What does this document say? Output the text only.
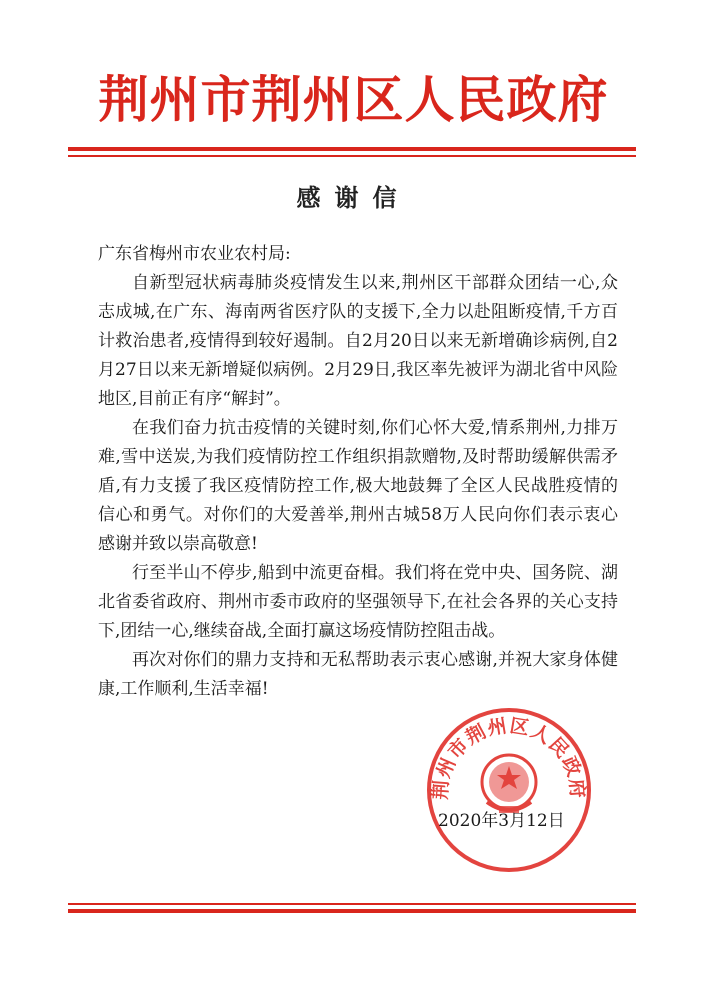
荆州市荆州区人民政府
感谢信

广东省梅州市农业农村局:

自新型冠状病毒肺炎疫情发生以来,荆州区干部群众团结一心,众志成城,在广东、海南两省医疗队的支援下,全力以赴阻断疫情,千方百计救治患者,疫情得到较好遏制。自2月20日以来无新增确诊病例,自2月27日以来无新增疑似病例。2月29日,我区率先被评为湖北省中风险地区,目前正有序“解封”。

在我们奋力抗击疫情的关键时刻,你们心怀大爱,情系荆州,力排万难,雪中送炭,为我们疫情防控工作组织捐款赠物,及时帮助缓解供需矛盾,有力支援了我区疫情防控工作,极大地鼓舞了全区人民战胜疫情的信心和勇气。对你们的大爱善举,荆州古城58万人民向你们表示衷心感谢并致以崇高敬意!

行至半山不停步,船到中流更奋楫。我们将在党中央、国务院、湖北省委省政府、荆州市委市政府的坚强领导下,在社会各界的关心支持下,团结一心,继续奋战,全面打赢这场疫情防控阻击战。

再次对你们的鼎力支持和无私帮助表示衷心感谢,并祝大家身体健康,工作顺利,生活幸福!

荆州市荆州区人民政府
2020年3月12日
